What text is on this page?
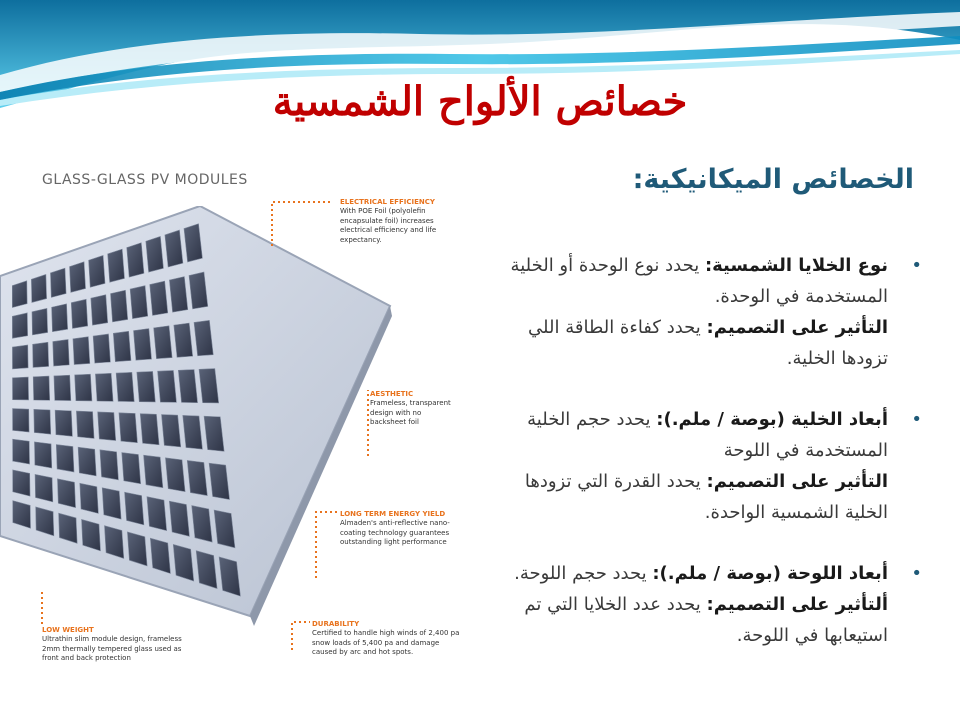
خصائص الألواح الشمسية
الخصائص الميكانيكية:
•
نوع الخلايا الشمسية: يحدد نوع الوحدة أو الخلية المستخدمة في الوحدة.
التأثير على التصميم: يحدد كفاءة الطاقة اللي تزودها الخلية.
•
أبعاد الخلية (بوصة / ملم.): يحدد حجم الخلية المستخدمة في اللوحة
التأثير على التصميم: يحدد القدرة التي تزودها الخلية الشمسية الواحدة.
•
أبعاد اللوحة (بوصة / ملم.): يحدد حجم اللوحة.
ألتأثير على التصميم: يحدد عدد الخلايا التي تم استيعابها في اللوحة.
GLASS-GLASS PV MODULES
ELECTRICAL EFFICIENCY
With POE Foil (polyolefin encapsulate foil) increases electrical efficiency and life expectancy.
AESTHETIC
Frameless, transparent design with no backsheet foil
LONG TERM ENERGY YIELD
Almaden's anti-reflective nano-coating technology guarantees outstanding light performance
DURABILITY
Certified to handle high winds of 2,400 pa snow loads of 5,400 pa and damage caused by arc and hot spots.
LOW WEIGHT
Ultrathin slim module design, frameless 2mm thermally tempered glass used as front and back protection
